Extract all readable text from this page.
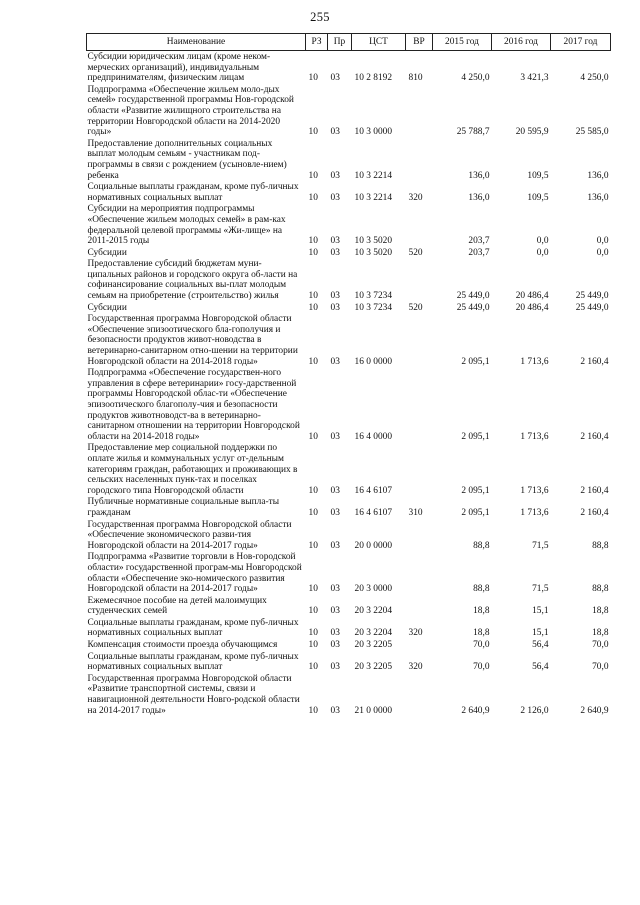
255
Наименование	РЗ	Пр	ЦСТ	ВР	2015 год	2016 год	2017 год
Субсидии юридическим лицам (кроме неком-мерческих организаций), индивидуальным предпринимателям, физическим лицам	10	03	10 2 8192	810	4 250,0	3 421,3	4 250,0
Подпрограмма «Обеспечение жильем моло-дых семей» государственной программы Нов-городской области «Развитие жилищного строительства на территории Новгородской области на 2014-2020 годы»	10	03	10 3 0000		25 788,7	20 595,9	25 585,0
Предоставление дополнительных социальных выплат молодым семьям - участникам под-программы в связи с рождением (усыновле-нием) ребенка	10	03	10 3 2214		136,0	109,5	136,0
Социальные выплаты гражданам, кроме пуб-личных нормативных социальных выплат	10	03	10 3 2214	320	136,0	109,5	136,0
Субсидии на мероприятия подпрограммы «Обеспечение жильем молодых семей» в рам-ках федеральной целевой программы «Жи-лище» на 2011-2015 годы	10	03	10 3 5020		203,7	0,0	0,0
Субсидии	10	03	10 3 5020	520	203,7	0,0	0,0
Предоставление субсидий бюджетам муни-ципальных районов и городского округа об-ласти на софинансирование социальных вы-плат молодым семьям на приобретение (строительство) жилья	10	03	10 3 7234		25 449,0	20 486,4	25 449,0
Субсидии	10	03	10 3 7234	520	25 449,0	20 486,4	25 449,0
Государственная программа Новгородской области «Обеспечение эпизоотического бла-гополучия и безопасности продуктов живот-новодства в ветеринарно-санитарном отно-шении на территории Новгородской области на 2014-2018 годы»	10	03	16 0 0000		2 095,1	1 713,6	2 160,4
Подпрограмма «Обеспечение государствен-ного управления в сфере ветеринарии» госу-дарственной программы Новгородской облас-ти «Обеспечение эпизоотического благополу-чия и безопасности продуктов животноводст-ва в ветеринарно-санитарном отношении на территории Новгородской области на 2014-2018 годы»	10	03	16 4 0000		2 095,1	1 713,6	2 160,4
Предоставление мер социальной поддержки по оплате жилья и коммунальных услуг от-дельным категориям граждан, работающих и проживающих в сельских населенных пунк-тах и поселках городского типа Новгородской области	10	03	16 4 6107		2 095,1	1 713,6	2 160,4
Публичные нормативные социальные выпла-ты гражданам	10	03	16 4 6107	310	2 095,1	1 713,6	2 160,4
Государственная программа Новгородской области «Обеспечение экономического разви-тия Новгородской области на 2014-2017 годы»	10	03	20 0 0000		88,8	71,5	88,8
Подпрограмма «Развитие торговли в Нов-городской области» государственной програм-мы Новгородской области «Обеспечение эко-номического развития Новгородской области на 2014-2017 годы»	10	03	20 3 0000		88,8	71,5	88,8
Ежемесячное пособие на детей малоимущих студенческих семей	10	03	20 3 2204		18,8	15,1	18,8
Социальные выплаты гражданам, кроме пуб-личных нормативных социальных выплат	10	03	20 3 2204	320	18,8	15,1	18,8
Компенсация стоимости проезда обучающимся	10	03	20 3 2205		70,0	56,4	70,0
Социальные выплаты гражданам, кроме пуб-личных нормативных социальных выплат	10	03	20 3 2205	320	70,0	56,4	70,0
Государственная программа Новгородской области «Развитие транспортной системы, связи и навигационной деятельности Новго-родской области на 2014-2017 годы»	10	03	21 0 0000		2 640,9	2 126,0	2 640,9
